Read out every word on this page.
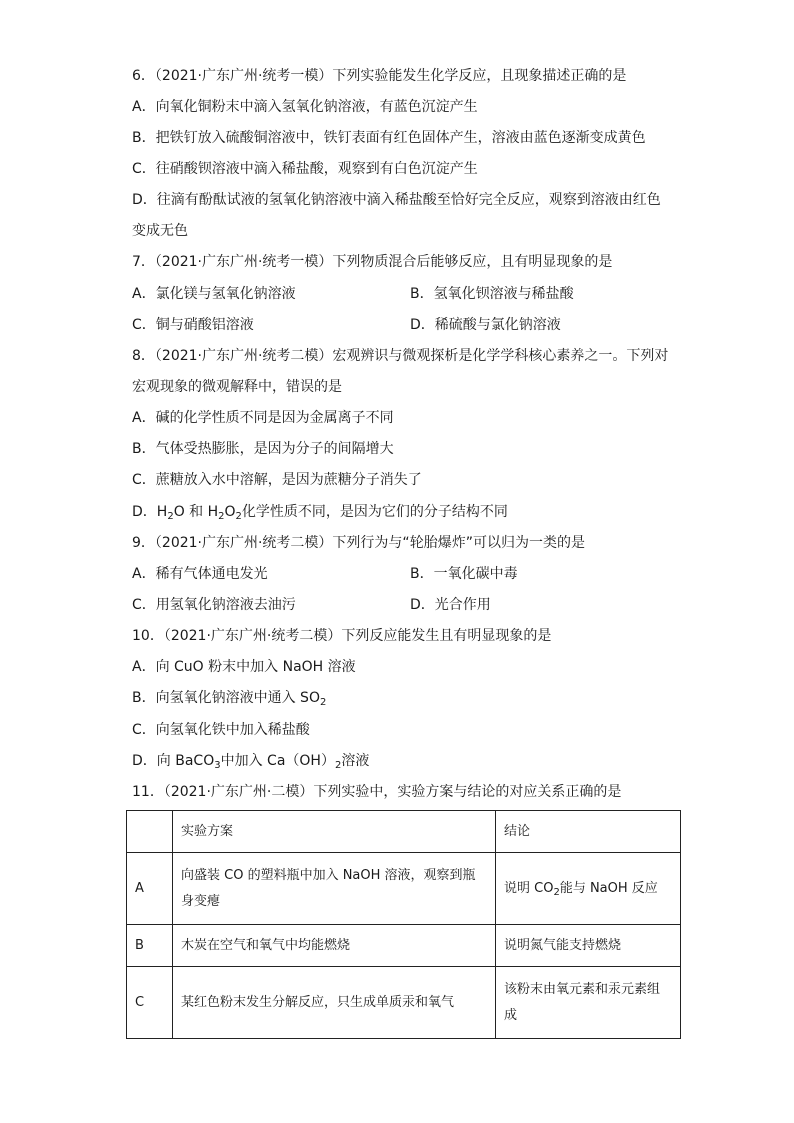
6．（2021·广东广州·统考一模）下列实验能发生化学反应，且现象描述正确的是
A．向氧化铜粉末中滴入氢氧化钠溶液，有蓝色沉淀产生
B．把铁钉放入硫酸铜溶液中，铁钉表面有红色固体产生，溶液由蓝色逐渐变成黄色
C．往硝酸钡溶液中滴入稀盐酸，观察到有白色沉淀产生
D．往滴有酚酞试液的氢氧化钠溶液中滴入稀盐酸至恰好完全反应，观察到溶液由红色
变成无色
7．（2021·广东广州·统考一模）下列物质混合后能够反应，且有明显现象的是
A．氯化镁与氢氧化钠溶液	B．氢氧化钡溶液与稀盐酸
C．铜与硝酸铝溶液	D．稀硫酸与氯化钠溶液
8．（2021·广东广州·统考二模）宏观辨识与微观探析是化学学科核心素养之一。下列对
宏观现象的微观解释中，错误的是
A．碱的化学性质不同是因为金属离子不同
B．气体受热膨胀，是因为分子的间隔增大
C．蔗糖放入水中溶解，是因为蔗糖分子消失了
D．$H_2O$ 和 $H_2O_2$化学性质不同，是因为它们的分子结构不同
9．（2021·广东广州·统考二模）下列行为与“轮胎爆炸”可以归为一类的是
A．稀有气体通电发光	B．一氧化碳中毒
C．用氢氧化钠溶液去油污	D．光合作用
10．（2021·广东广州·统考二模）下列反应能发生且有明显现象的是
A．向 CuO 粉末中加入 NaOH 溶液
B．向氢氧化钠溶液中通入 $SO_2$
C．向氢氧化铁中加入稀盐酸
D．向 BaCO$_3$中加入 $Ca(OH)_2$溶液
11．（2021·广东广州·二模）下列实验中，实验方案与结论的对应关系正确的是
	实验方案	结论
A	向盛装 CO 的塑料瓶中加入 NaOH 溶液，观察到瓶
身变瘪	说明 $CO_2$能与 NaOH 反应
B	木炭在空气和氧气中均能燃烧	说明氮气能支持燃烧
C	某红色粉末发生分解反应，只生成单质汞和氧气	该粉末由氧元素和汞元素组
成
